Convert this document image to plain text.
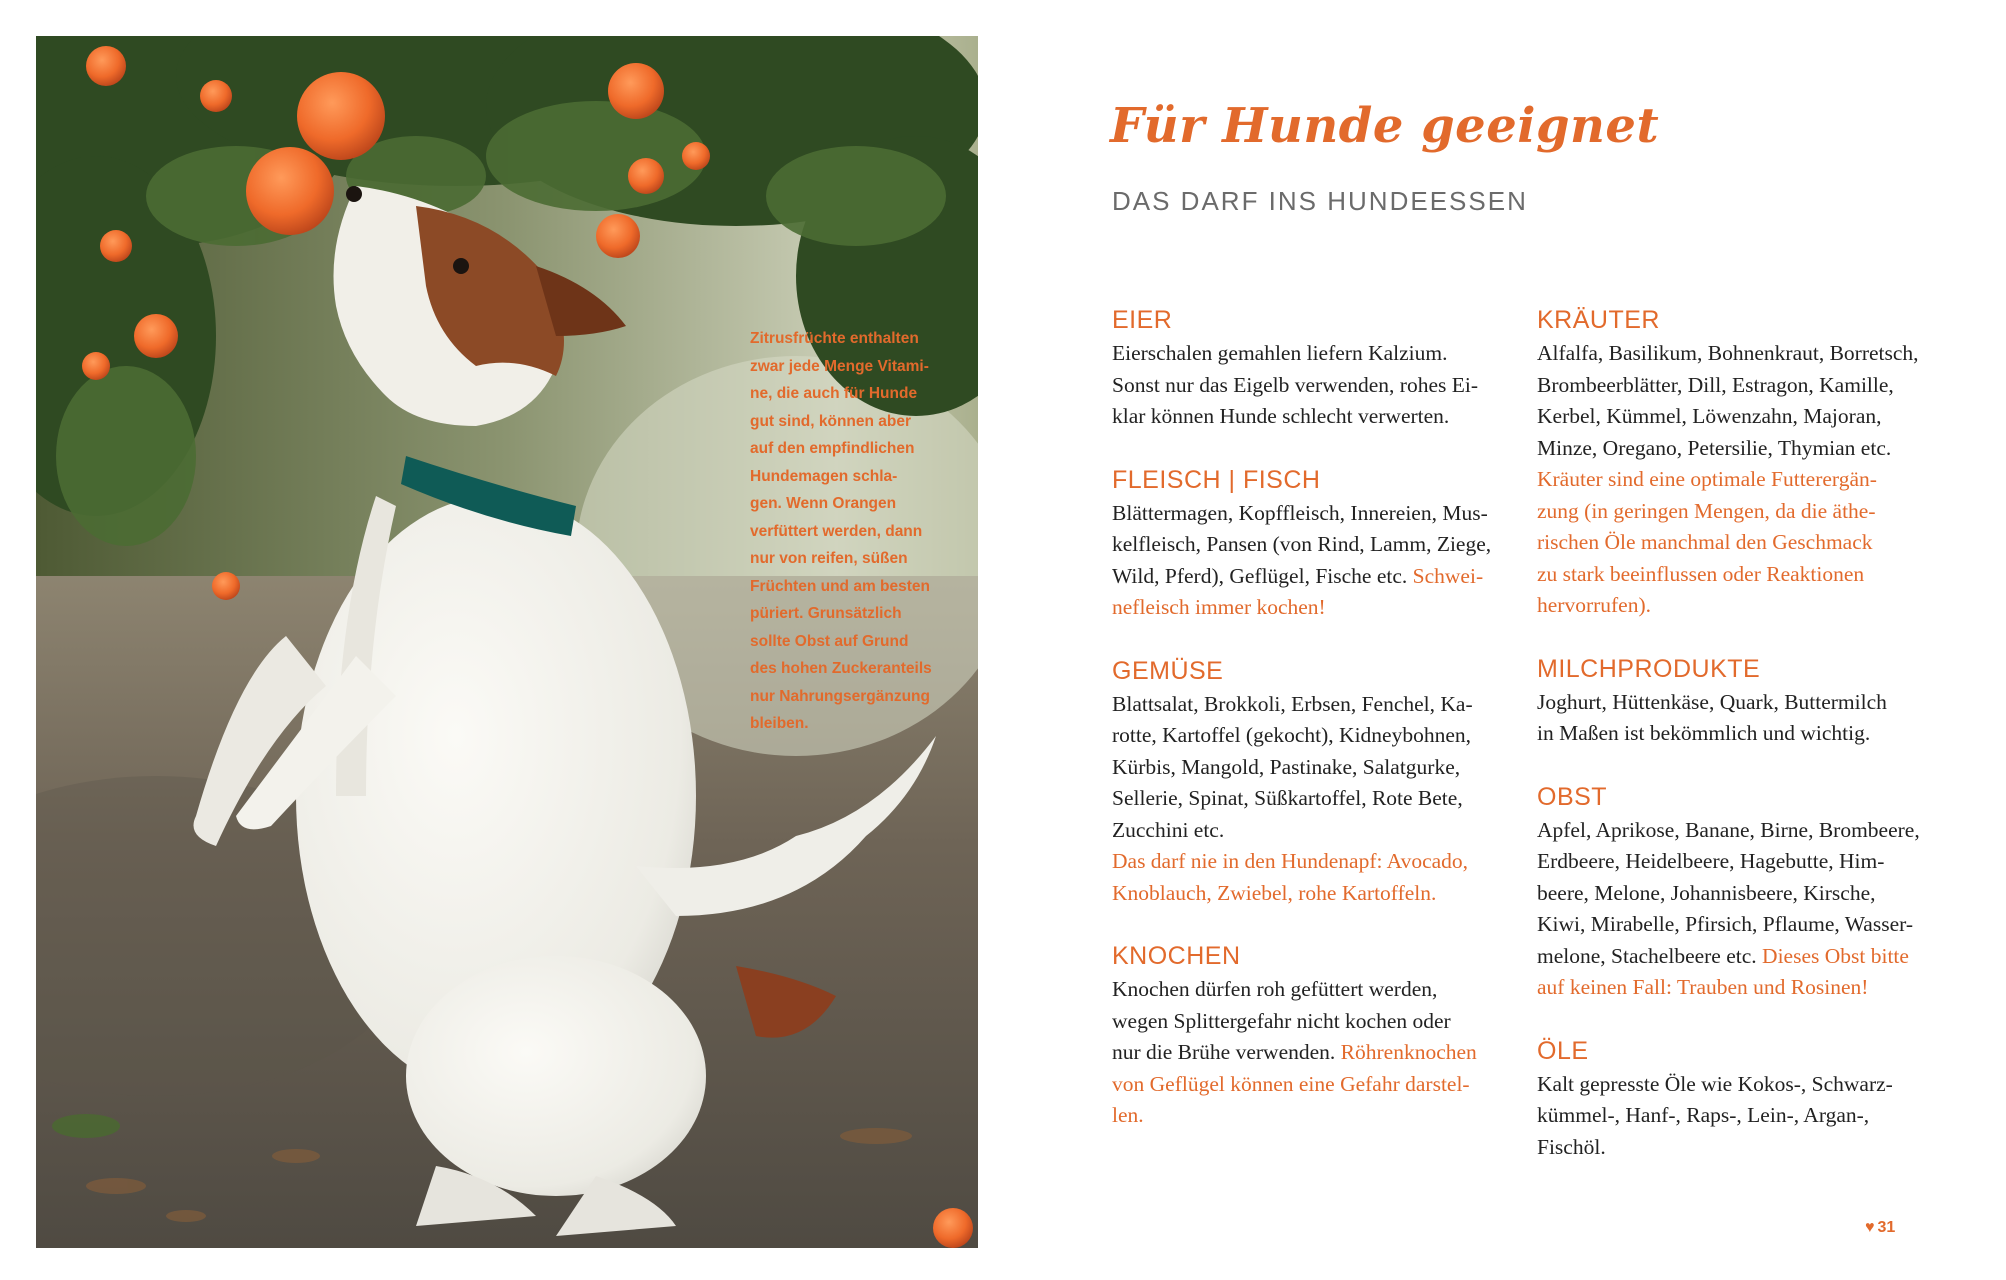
Zitrusfrüchte enthalten
zwar jede Menge Vitami-
ne, die auch für Hunde
gut sind, können aber
auf den empfindlichen
Hundemagen schla-
gen. Wenn Orangen
verfüttert werden, dann
nur von reifen, süßen
Früchten und am besten
püriert. Grunsätzlich
sollte Obst auf Grund
des hohen Zuckeranteils
nur Nahrungsergänzung
bleiben.
Für Hunde geeignet
DAS DARF INS HUNDEESSEN
EIER

Eierschalen gemahlen liefern Kalzium.
Sonst nur das Eigelb verwenden, rohes Ei-
klar können Hunde schlecht verwerten.

FLEISCH | FISCH

Blättermagen, Kopffleisch, Innereien, Mus-
kelfleisch, Pansen (von Rind, Lamm, Ziege,
Wild, Pferd), Geflügel, Fische etc. Schwei-
nefleisch immer kochen!

GEMÜSE

Blattsalat, Brokkoli, Erbsen, Fenchel, Ka-
rotte, Kartoffel (gekocht), Kidneybohnen,
Kürbis, Mangold, Pastinake, Salatgurke,
Sellerie, Spinat, Süßkartoffel, Rote Bete,
Zucchini etc.
Das darf nie in den Hundenapf: Avocado,
Knoblauch, Zwiebel, rohe Kartoffeln.

KNOCHEN

Knochen dürfen roh gefüttert werden,
wegen Splittergefahr nicht kochen oder
nur die Brühe verwenden. Röhrenknochen
von Geflügel können eine Gefahr darstel-
len.

KRÄUTER

Alfalfa, Basilikum, Bohnenkraut, Borretsch,
Brombeerblätter, Dill, Estragon, Kamille,
Kerbel, Kümmel, Löwenzahn, Majoran,
Minze, Oregano, Petersilie, Thymian etc.
Kräuter sind eine optimale Futterergän-
zung (in geringen Mengen, da die äthe-
rischen Öle manchmal den Geschmack
zu stark beeinflussen oder Reaktionen
hervorrufen).

MILCHPRODUKTE

Joghurt, Hüttenkäse, Quark, Buttermilch
in Maßen ist bekömmlich und wichtig.

OBST

Apfel, Aprikose, Banane, Birne, Brombeere,
Erdbeere, Heidelbeere, Hagebutte, Him-
beere, Melone, Johannisbeere, Kirsche,
Kiwi, Mirabelle, Pfirsich, Pflaume, Wasser-
melone, Stachelbeere etc. Dieses Obst bitte
auf keinen Fall: Trauben und Rosinen!

ÖLE

Kalt gepresste Öle wie Kokos-, Schwarz-
kümmel-, Hanf-, Raps-, Lein-, Argan-,
Fischöl.

♥ 31
